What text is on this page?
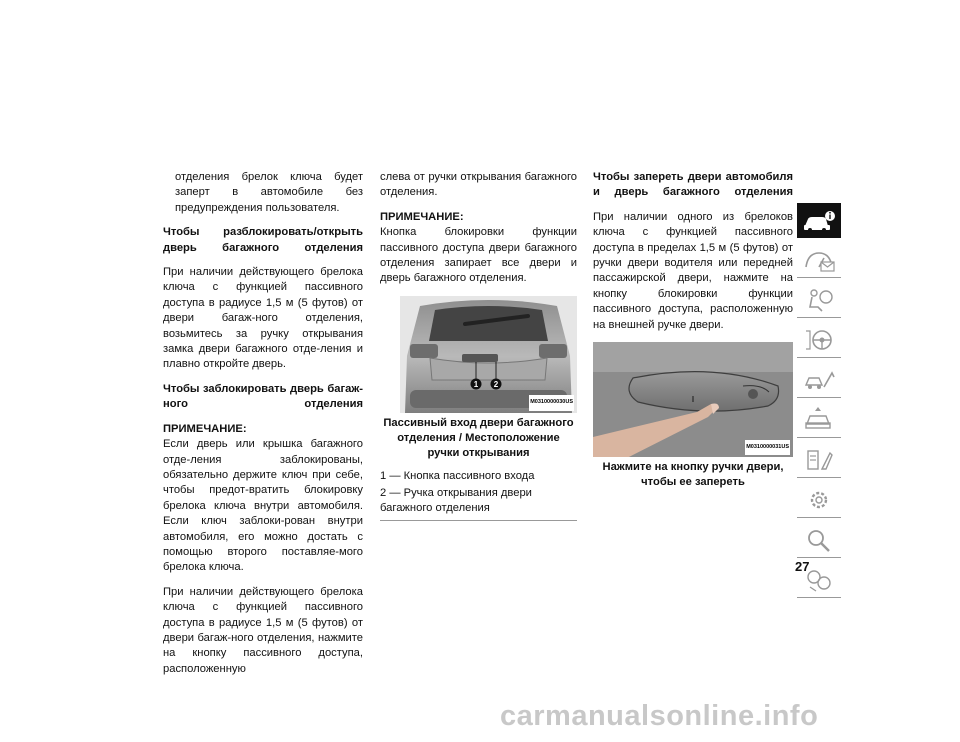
отделения брелок ключа будет заперт в автомобиле без предупреждения пользователя.

Чтобы разблокировать/открыть дверь багажного отделения

При наличии действующего брелока ключа с функцией пассивного доступа в радиусе 1,5 м (5 футов) от двери багаж-ного отделения, возьмитесь за ручку открывания замка двери багажного отде-ления и плавно откройте дверь.

Чтобы заблокировать дверь багаж-ного отделения
ПРИМЕЧАНИЕ:

Если дверь или крышка багажного отде-ления заблокированы, обязательно держите ключ при себе, чтобы предот-вратить блокировку брелока ключа внутри автомобиля. Если ключ заблоки-рован внутри автомобиля, его можно достать с помощью второго поставляе-мого брелока ключа.

При наличии действующего брелока ключа с функцией пассивного доступа в радиусе 1,5 м (5 футов) от двери багаж-ного отделения, нажмите на кнопку пассивного доступа, расположенную

слева от ручки открывания багажного отделения.

ПРИМЕЧАНИЕ:

Кнопка блокировки функции пассивного доступа двери багажного отделения запирает все двери и дверь багажного отделения.

1 2
M0310000030US
Пассивный вход двери багажного отделения / Местоположение ручки открывания
1 — Кнопка пассивного входа
2 — Ручка открывания двери багажного отделения
Чтобы запереть двери автомобиля и дверь багажного отделения

При наличии одного из брелоков ключа с функцией пассивного доступа в пределах 1,5 м (5 футов) от ручки двери водителя или передней пассажирской двери, нажмите на кнопку блокировки функции пассивного доступа, расположенную на внешней ручке двери.

M0310000031US
Нажмите на кнопку ручки двери, чтобы ее запереть
27
carmanualsonline.info
